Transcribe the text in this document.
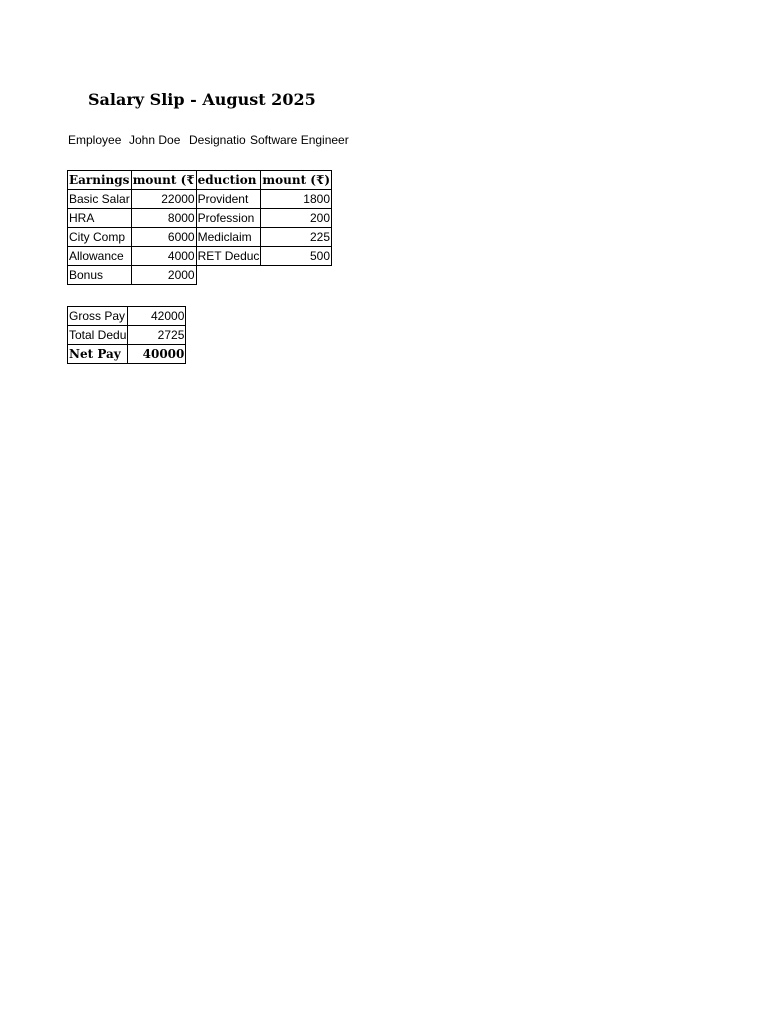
Salary Slip - August 2025
Employee John Doe Designatio Software Engineer
Earnings	mount (₹	eduction	mount (₹)
Basic Salar	22000	Provident	1800
HRA	8000	Profession	200
City Comp	6000	Mediclaim	225
Allowance	4000	RET Deduc	500
Bonus	2000		
Gross Pay	42000
Total Dedu	2725
Net Pay	40000
